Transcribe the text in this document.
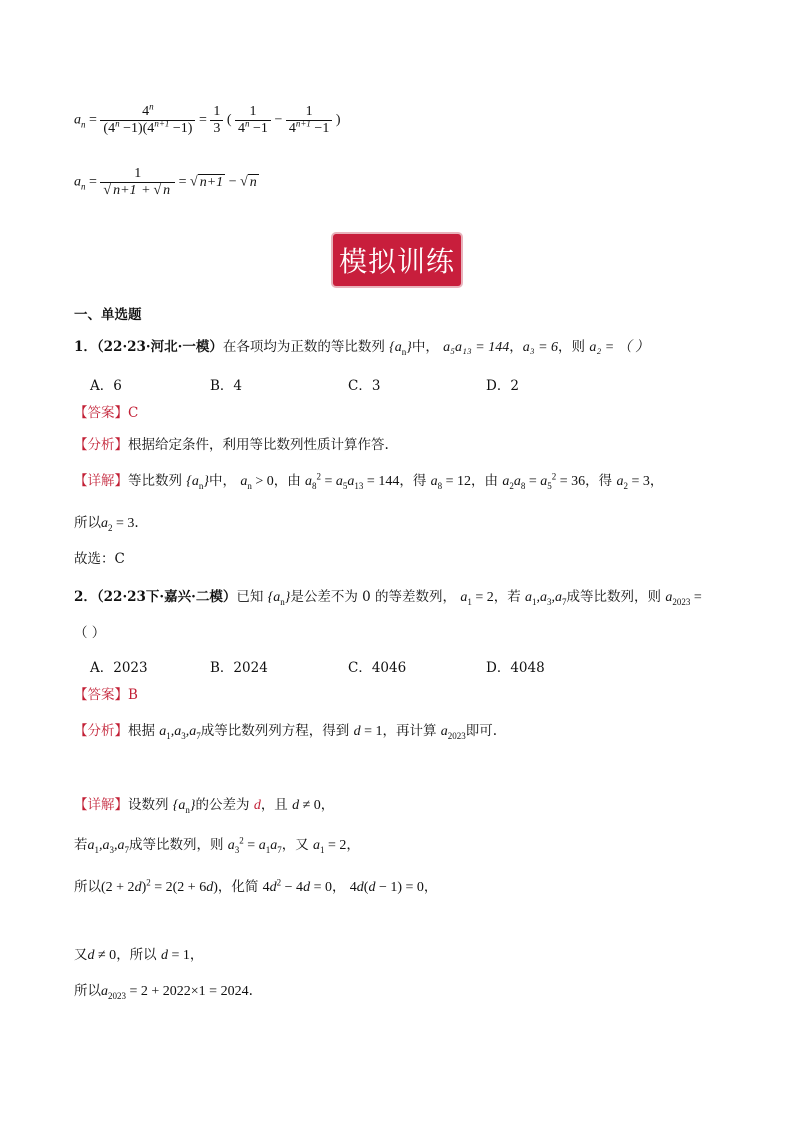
$a_n = \frac{4^n}{(4^n -1)(4^{n+1} -1)} = \frac{1}{3}$ ( $\frac{1}{4^n -1} - \frac{1}{4^{n+1} -1}$ )
$a_n = \frac{1}{√ n+1 + √ n}$ = √ n+1 − √ n
模拟训练
一、单选题
1．（22·23·河北·一模）在各项均为正数的等比数列 $\{a_n\}$中， a₅a₁₃ = 144，a₃ = 6，则 a₂ = （ ）
A．6	B．4	C．3	D．2
【答案】C
【分析】根据给定条件，利用等比数列性质计算作答.
【详解】等比数列 $\{a_n\}$中， $a_n > 0$，由 $a_8^2 = a_5a_{13} = 144$，得 $a_8 = 12$，由 $a_2a_8 = a_5^2 = 36$，得 $a_2 = 3$，
所以$a_2 = 3$.
故选：C
2．（22·23下·嘉兴·二模）已知 $\{a_n\}$是公差不为 0 的等差数列， $a_1 = 2$，若 $a_1,a_3,a_7$成等比数列，则 $a_{2023}$ =
（ ）
A．2023	B．2024	C．4046	D．4048
【答案】B
【分析】根据 $a_1,a_3,a_7$成等比数列列方程，得到 d = 1，再计算 $a_{2023}$即可.
【详解】设数列 $\{a_n\}$的公差为 d，且 d ≠ 0，
若$a_1,a_3,a_7$成等比数列，则 $a_3^2 = a_1a_7$，又 $a_1 = 2$，
所以$(2 + 2d)^2 = 2(2 + 6d)$，化简 $4d^2 - 4d = 0$， 4d(d − 1) = 0，
又d ≠ 0，所以 d = 1，
所以$a_{2023} = 2 + 2022\times 1 = 2024$.
